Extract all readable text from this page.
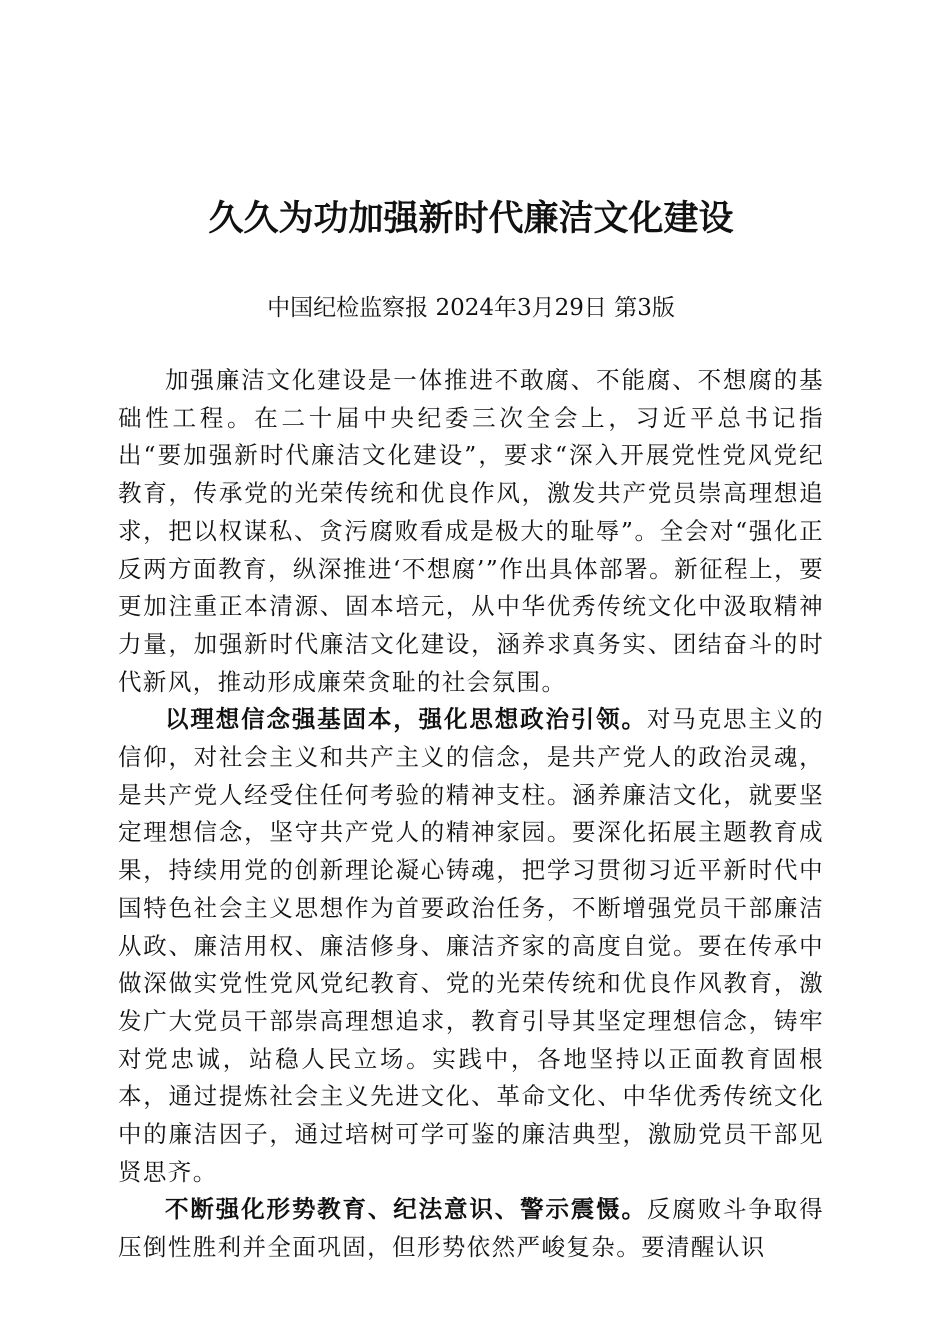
久久为功加强新时代廉洁文化建设
中国纪检监察报 2024年3月29日 第3版

加强廉洁文化建设是一体推进不敢腐、不能腐、不想腐的基础性工程。在二十届中央纪委三次全会上，习近平总书记指出“要加强新时代廉洁文化建设”，要求“深入开展党性党风党纪教育，传承党的光荣传统和优良作风，激发共产党员崇高理想追求，把以权谋私、贪污腐败看成是极大的耻辱”。全会对“强化正反两方面教育，纵深推进‘不想腐’”作出具体部署。新征程上，要更加注重正本清源、固本培元，从中华优秀传统文化中汲取精神力量，加强新时代廉洁文化建设，涵养求真务实、团结奋斗的时代新风，推动形成廉荣贪耻的社会氛围。

以理想信念强基固本，强化思想政治引领。对马克思主义的信仰，对社会主义和共产主义的信念，是共产党人的政治灵魂，是共产党人经受住任何考验的精神支柱。涵养廉洁文化，就要坚定理想信念，坚守共产党人的精神家园。要深化拓展主题教育成果，持续用党的创新理论凝心铸魂，把学习贯彻习近平新时代中国特色社会主义思想作为首要政治任务，不断增强党员干部廉洁从政、廉洁用权、廉洁修身、廉洁齐家的高度自觉。要在传承中做深做实党性党风党纪教育、党的光荣传统和优良作风教育，激发广大党员干部崇高理想追求，教育引导其坚定理想信念，铸牢对党忠诚，站稳人民立场。实践中，各地坚持以正面教育固根本，通过提炼社会主义先进文化、革命文化、中华优秀传统文化中的廉洁因子，通过培树可学可鉴的廉洁典型，激励党员干部见贤思齐。

不断强化形势教育、纪法意识、警示震慑。反腐败斗争取得压倒性胜利并全面巩固，但形势依然严峻复杂。要清醒认识
